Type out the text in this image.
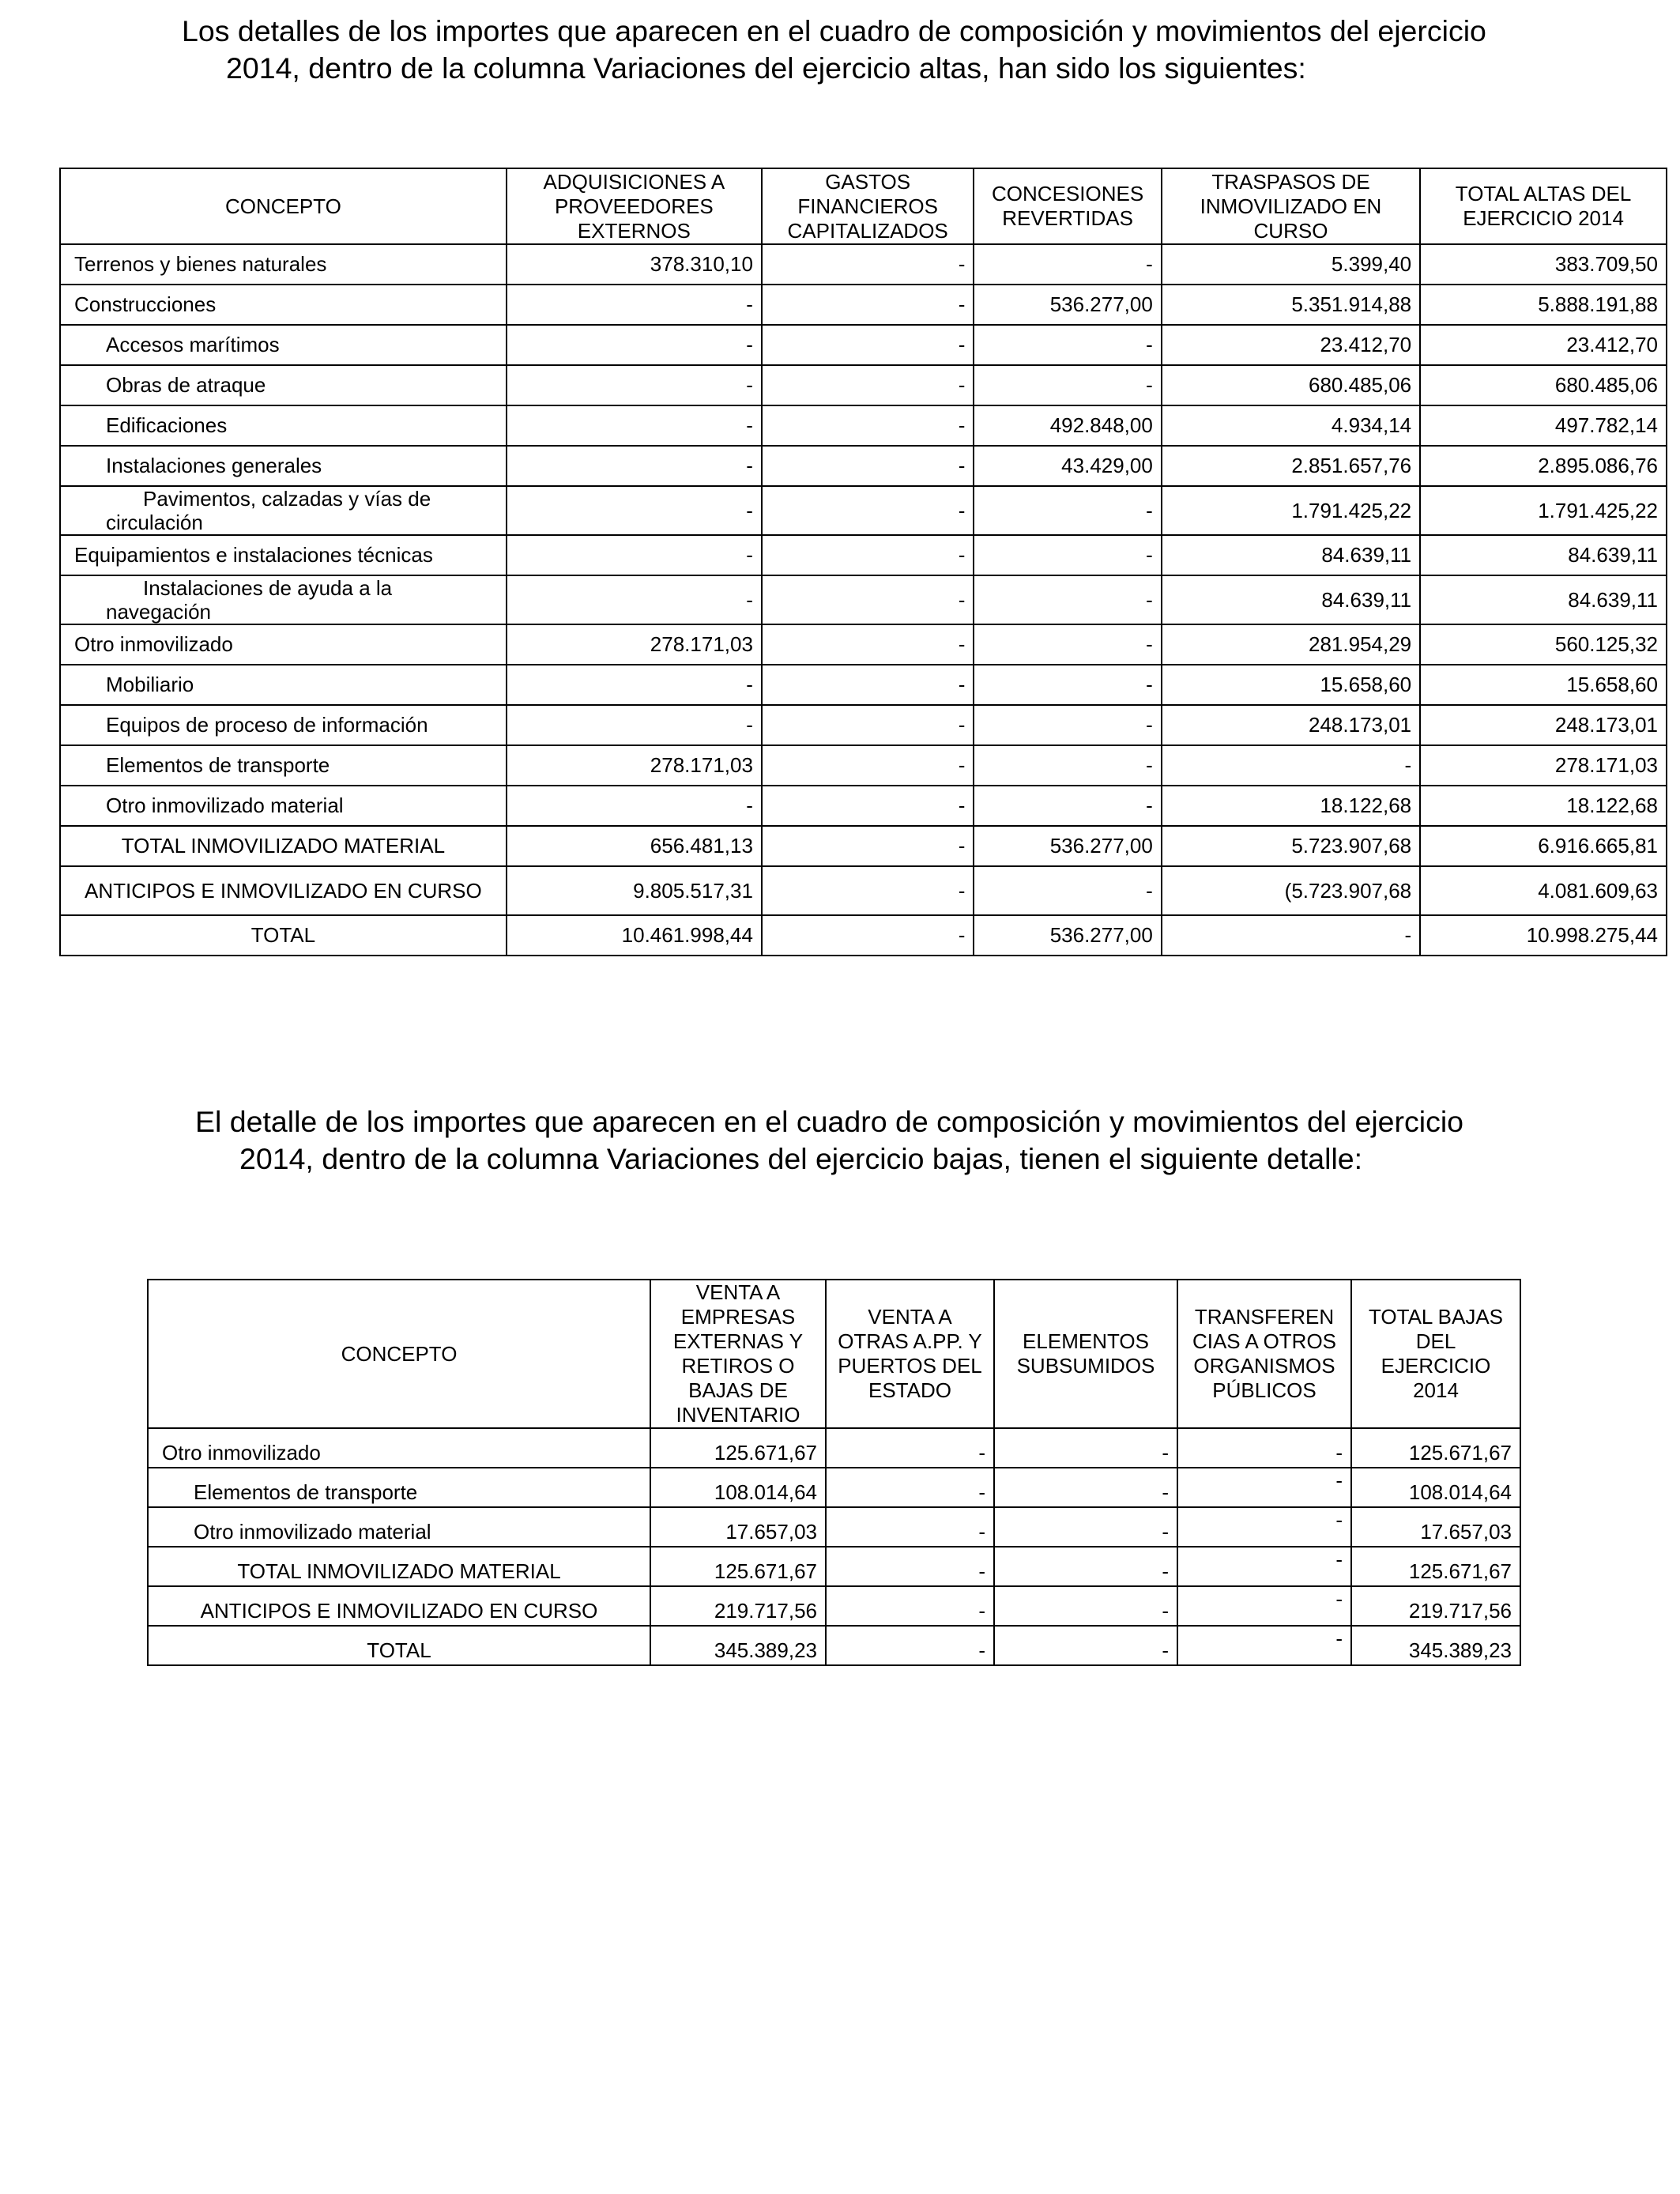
Los detalles de los importes que aparecen en el cuadro de composición y movimientos del ejercicio
2014, dentro de la columna Variaciones del ejercicio altas, han sido los siguientes:

CONCEPTO	ADQUISICIONES A PROVEEDORES EXTERNOS	GASTOS FINANCIEROS CAPITALIZADOS	CONCESIONES REVERTIDAS	TRASPASOS DE INMOVILIZADO EN CURSO	TOTAL ALTAS DEL EJERCICIO 2014
Terrenos y bienes naturales	378.310,10	-	-	5.399,40	383.709,50
Construcciones	-	-	536.277,00	5.351.914,88	5.888.191,88
Accesos marítimos	-	-	-	23.412,70	23.412,70
Obras de atraque	-	-	-	680.485,06	680.485,06
Edificaciones	-	-	492.848,00	4.934,14	497.782,14
Instalaciones generales	-	-	43.429,00	2.851.657,76	2.895.086,76
Pavimentos, calzadas y vías de circulación	-	-	-	1.791.425,22	1.791.425,22
Equipamientos e instalaciones técnicas	-	-	-	84.639,11	84.639,11
Instalaciones de ayuda a la navegación	-	-	-	84.639,11	84.639,11
Otro inmovilizado	278.171,03	-	-	281.954,29	560.125,32
Mobiliario	-	-	-	15.658,60	15.658,60
Equipos de proceso de información	-	-	-	248.173,01	248.173,01
Elementos de transporte	278.171,03	-	-	-	278.171,03
Otro inmovilizado material	-	-	-	18.122,68	18.122,68
TOTAL INMOVILIZADO MATERIAL	656.481,13	-	536.277,00	5.723.907,68	6.916.665,81
ANTICIPOS E INMOVILIZADO EN CURSO	9.805.517,31	-	-	(5.723.907,68	4.081.609,63
TOTAL	10.461.998,44	-	536.277,00	-	10.998.275,44

El detalle de los importes que aparecen en el cuadro de composición y movimientos del ejercicio
2014, dentro de la columna Variaciones del ejercicio bajas, tienen el siguiente detalle:

CONCEPTO	VENTA A EMPRESAS EXTERNAS Y RETIROS O BAJAS DE INVENTARIO	VENTA A OTRAS A.PP. Y PUERTOS DEL ESTADO	ELEMENTOS SUBSUMIDOS	TRANSFEREN CIAS A OTROS ORGANISMOS PÚBLICOS	TOTAL BAJAS DEL EJERCICIO 2014
Otro inmovilizado	125.671,67	-	-	-	125.671,67
Elementos de transporte	108.014,64	-	-	-	108.014,64
Otro inmovilizado material	17.657,03	-	-	-	17.657,03
TOTAL INMOVILIZADO MATERIAL	125.671,67	-	-	-	125.671,67
ANTICIPOS E INMOVILIZADO EN CURSO	219.717,56	-	-	-	219.717,56
TOTAL	345.389,23	-	-	-	345.389,23
